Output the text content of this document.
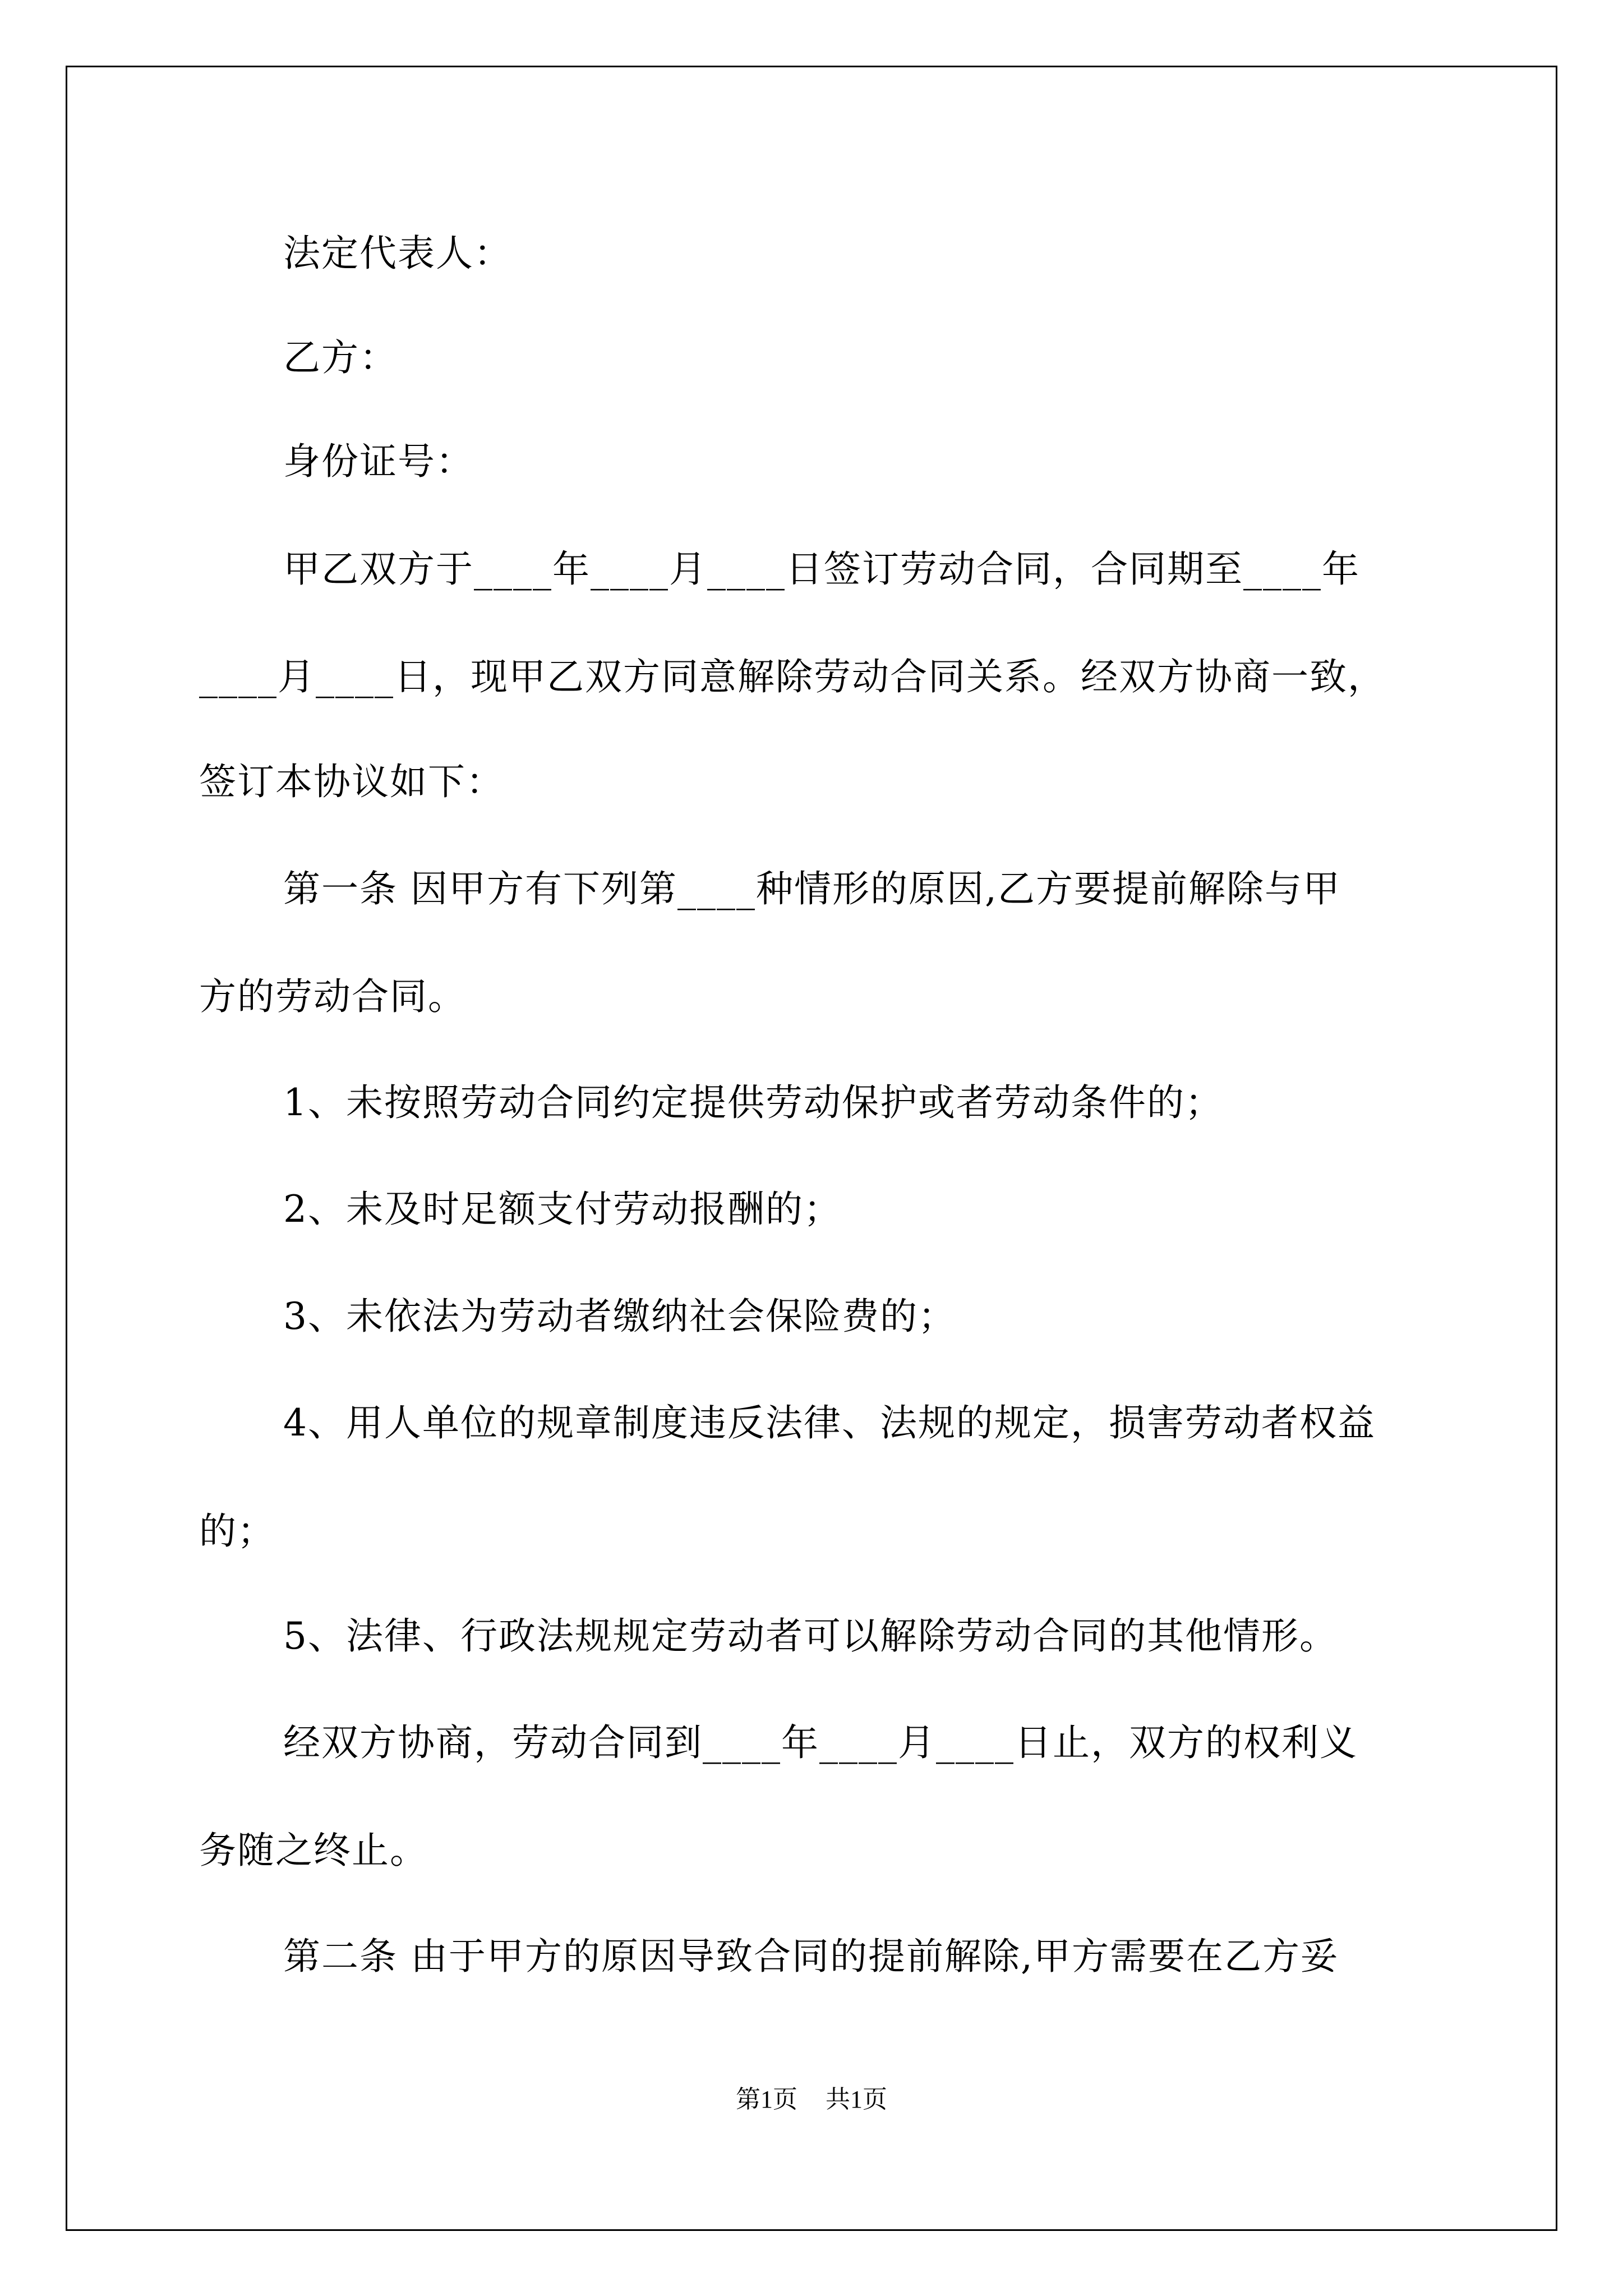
法定代表人：
乙方：
身份证号：
甲乙双方于____年____月____日签订劳动合同，合同期至____年
____月____日，现甲乙双方同意解除劳动合同关系。经双方协商一致，
签订本协议如下：
第一条 因甲方有下列第____种情形的原因,乙方要提前解除与甲
方的劳动合同。
1、未按照劳动合同约定提供劳动保护或者劳动条件的；
2、未及时足额支付劳动报酬的；
3、未依法为劳动者缴纳社会保险费的；
4、用人单位的规章制度违反法律、法规的规定，损害劳动者权益
的；
5、法律、行政法规规定劳动者可以解除劳动合同的其他情形。
经双方协商，劳动合同到____年____月____日止，双方的权利义
务随之终止。
第二条 由于甲方的原因导致合同的提前解除,甲方需要在乙方妥
第1页 共1页
